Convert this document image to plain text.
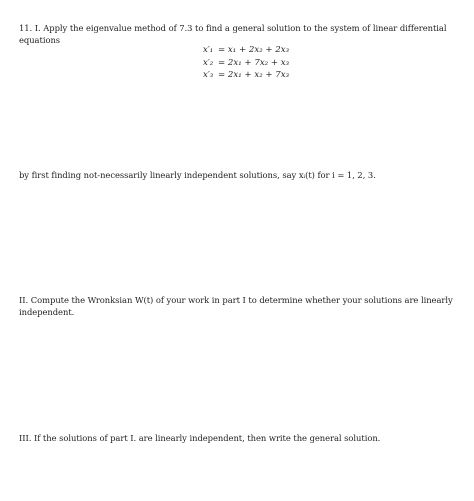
11. I. Apply the eigenvalue method of 7.3 to find a general solution to the system of linear differential equations
x′₁ = x₁ + 2x₂ + 2x₃
x′₂ = 2x₁ + 7x₂ + x₃
x′₃ = 2x₁ + x₂ + 7x₃
by first finding not-necessarily linearly independent solutions, say xᵢ(t) for i = 1, 2, 3.
II. Compute the Wronksian W(t) of your work in part I to determine whether your solutions are linearly independent.
III. If the solutions of part I. are linearly independent, then write the general solution.
